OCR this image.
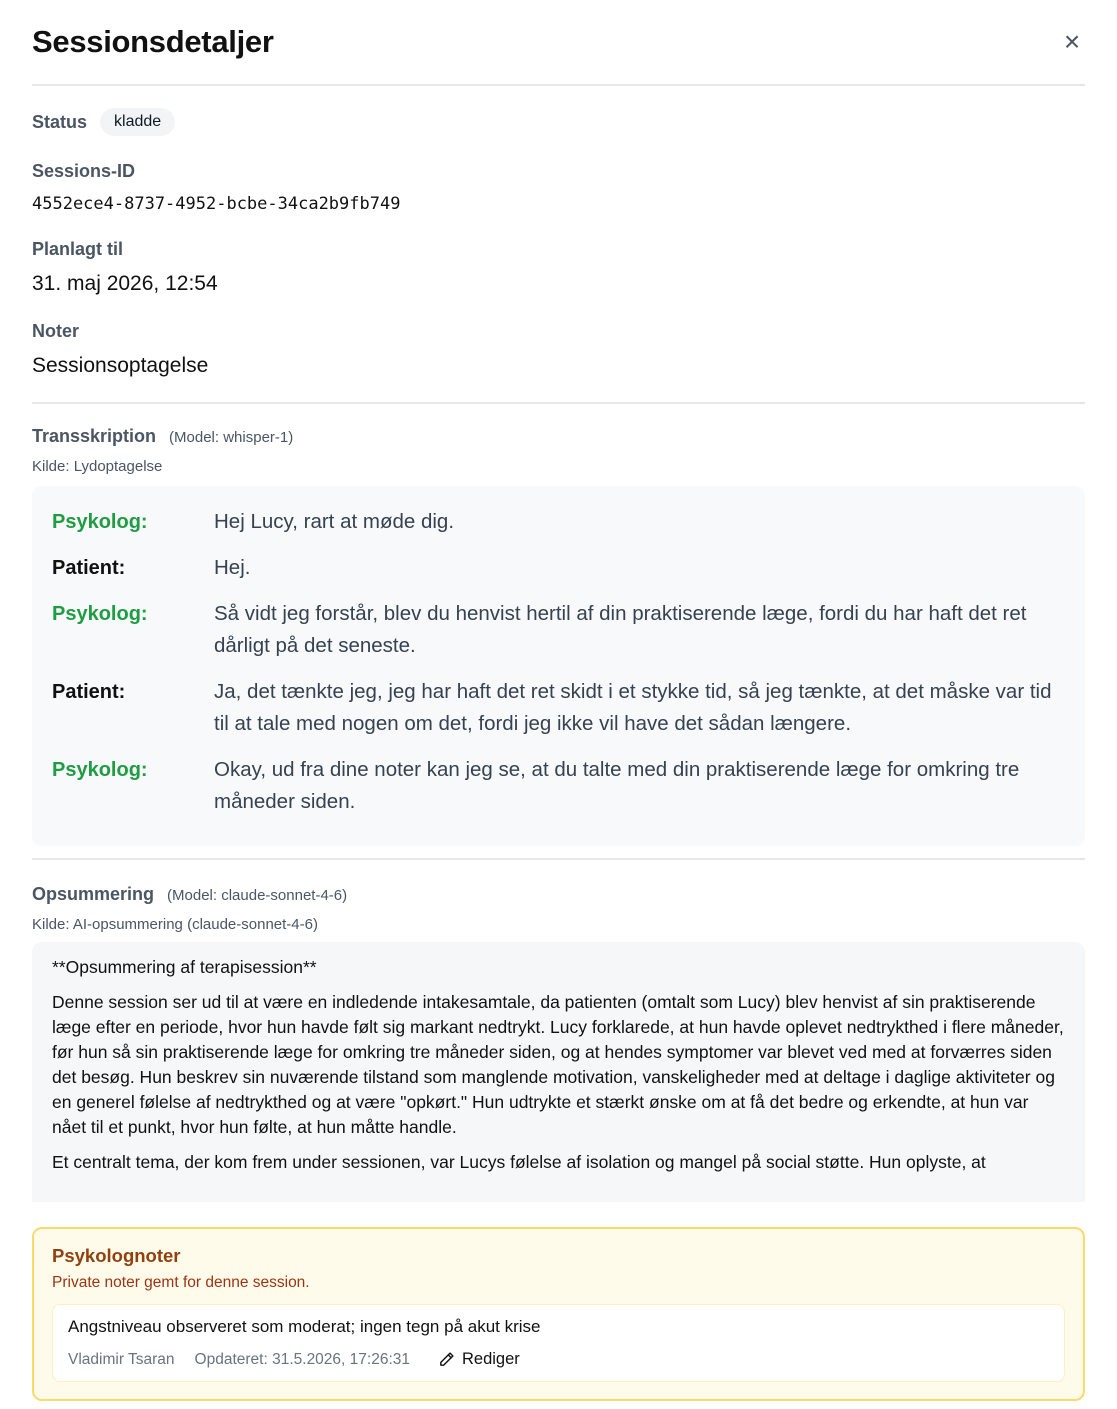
Sessionsdetaljer	×
Status	kladde
Sessions-ID
4552ece4-8737-4952-bcbe-34ca2b9fb749
Planlagt til
31. maj 2026, 12:54
Noter
Sessionsoptagelse
Transskription (Model: whisper-1)
Kilde: Lydoptagelse
Psykolog:	Hej Lucy, rart at møde dig.
Patient:	Hej.
Psykolog:	Så vidt jeg forstår, blev du henvist hertil af din praktiserende læge, fordi du har haft det ret dårligt på det seneste.
Patient:	Ja, det tænkte jeg, jeg har haft det ret skidt i et stykke tid, så jeg tænkte, at det måske var tid til at tale med nogen om det, fordi jeg ikke vil have det sådan længere.
Psykolog:	Okay, ud fra dine noter kan jeg se, at du talte med din praktiserende læge for omkring tre måneder siden.
Opsummering (Model: claude-sonnet-4-6)
Kilde: AI-opsummering (claude-sonnet-4-6)

**Opsummering af terapisession**

Denne session ser ud til at være en indledende intakesamtale, da patienten (omtalt som Lucy) blev henvist af sin praktiserende læge efter en periode, hvor hun havde følt sig markant nedtrykt. Lucy forklarede, at hun havde oplevet nedtrykthed i flere måneder, før hun så sin praktiserende læge for omkring tre måneder siden, og at hendes symptomer var blevet ved med at forværres siden det besøg. Hun beskrev sin nuværende tilstand som manglende motivation, vanskeligheder med at deltage i daglige aktiviteter og en generel følelse af nedtrykthed og at være "opkørt." Hun udtrykte et stærkt ønske om at få det bedre og erkendte, at hun var nået til et punkt, hvor hun følte, at hun måtte handle.

Et centralt tema, der kom frem under sessionen, var Lucys følelse af isolation og mangel på social støtte. Hun oplyste, at

Psykolognoter
Private noter gemt for denne session.
Angstniveau observeret som moderat; ingen tegn på akut krise
Vladimir Tsaran Opdateret: 31.5.2026, 17:26:31	Rediger
